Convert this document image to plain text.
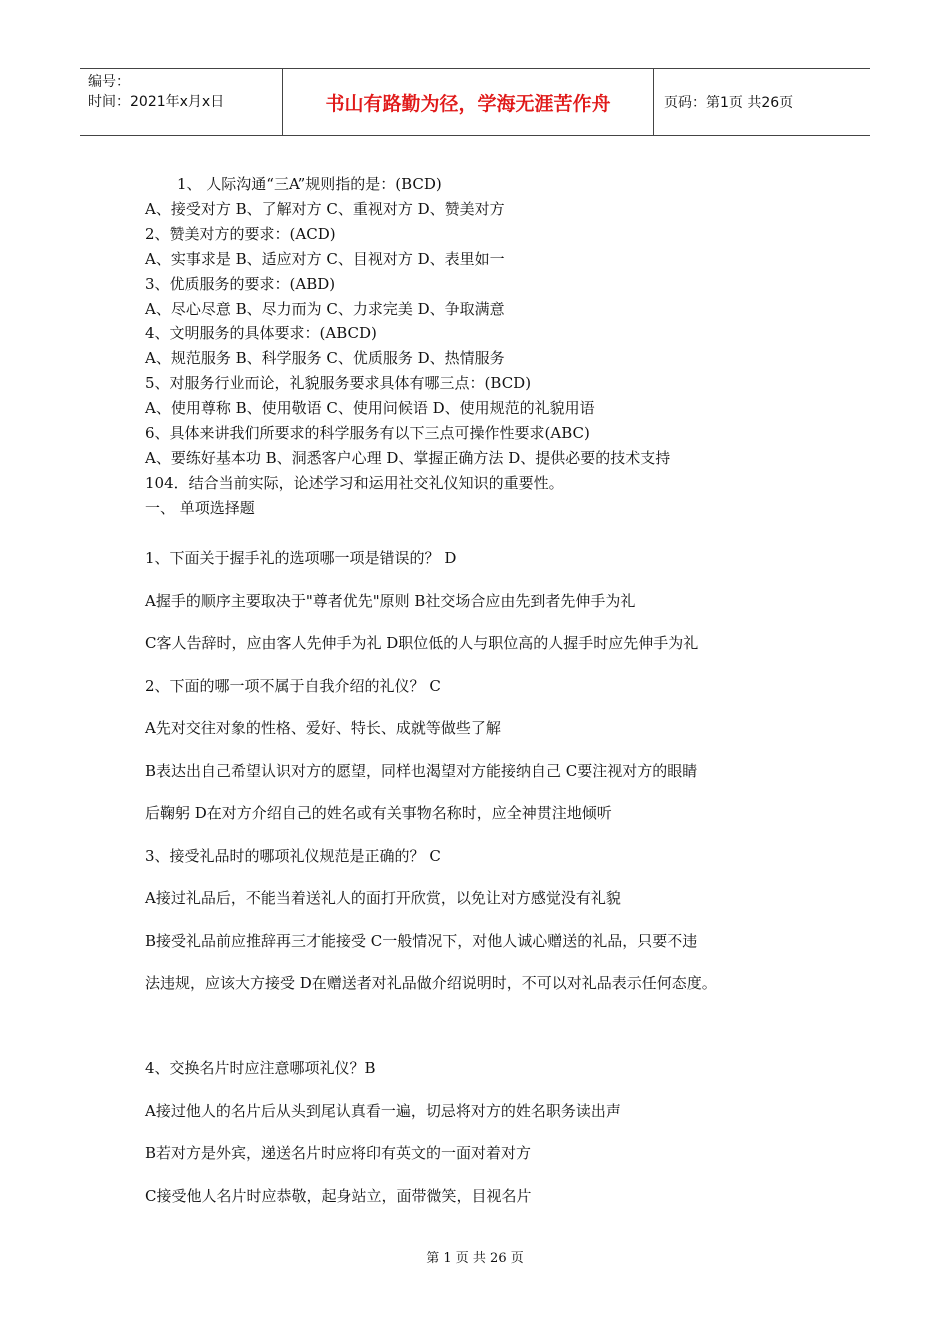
编号：
时间：2021年x月x日	书山有路勤为径，学海无涯苦作舟	页码：第1页 共26页
1、 人际沟通“三A”规则指的是：(BCD)
A、接受对方 B、了解对方 C、重视对方 D、赞美对方
2、赞美对方的要求：(ACD)
A、实事求是 B、适应对方 C、目视对方 D、表里如一
3、优质服务的要求：(ABD)
A、尽心尽意 B、尽力而为 C、力求完美 D、争取满意
4、文明服务的具体要求：(ABCD)
A、规范服务 B、科学服务 C、优质服务 D、热情服务
5、对服务行业而论，礼貌服务要求具体有哪三点：(BCD)
A、使用尊称 B、使用敬语 C、使用问候语 D、使用规范的礼貌用语
6、具体来讲我们所要求的科学服务有以下三点可操作性要求(ABC)
A、要练好基本功 B、洞悉客户心理 D、掌握正确方法 D、提供必要的技术支持
104．结合当前实际，论述学习和运用社交礼仪知识的重要性。
一、 单项选择题
1、下面关于握手礼的选项哪一项是错误的？ D
A握手的顺序主要取决于"尊者优先"原则 B社交场合应由先到者先伸手为礼
C客人告辞时，应由客人先伸手为礼 D职位低的人与职位高的人握手时应先伸手为礼
2、下面的哪一项不属于自我介绍的礼仪？ C
A先对交往对象的性格、爱好、特长、成就等做些了解
B表达出自己希望认识对方的愿望，同样也渴望对方能接纳自己 C要注视对方的眼睛
后鞠躬 D在对方介绍自己的姓名或有关事物名称时，应全神贯注地倾听
3、接受礼品时的哪项礼仪规范是正确的？ C
A接过礼品后，不能当着送礼人的面打开欣赏，以免让对方感觉没有礼貌
B接受礼品前应推辞再三才能接受 C一般情况下，对他人诚心赠送的礼品，只要不违
法违规，应该大方接受 D在赠送者对礼品做介绍说明时，不可以对礼品表示任何态度。
4、交换名片时应注意哪项礼仪？B
A接过他人的名片后从头到尾认真看一遍，切忌将对方的姓名职务读出声
B若对方是外宾，递送名片时应将印有英文的一面对着对方
C接受他人名片时应恭敬，起身站立，面带微笑，目视名片
第 1 页 共 26 页
